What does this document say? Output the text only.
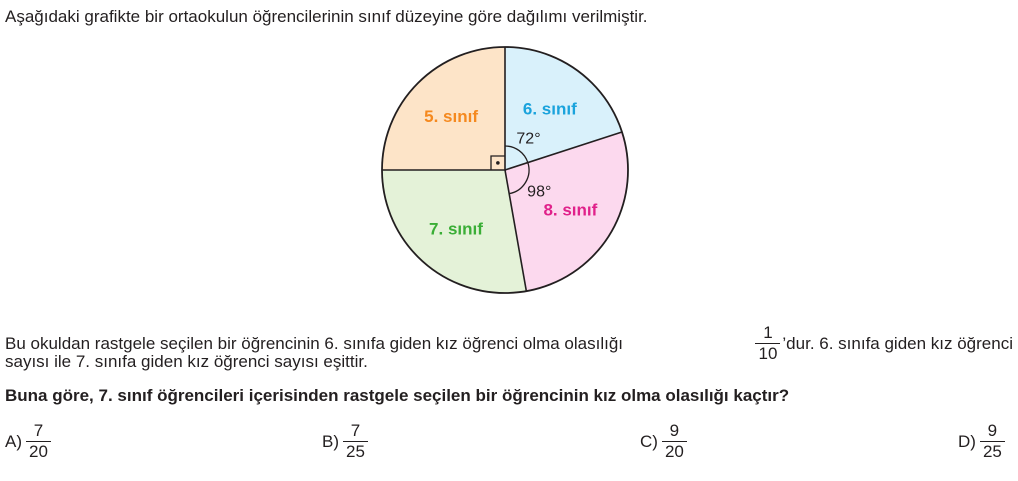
Aşağıdaki grafikte bir ortaokulun öğrencilerinin sınıf düzeyine göre dağılımı verilmiştir.
72°
6. sınıf
98°
8. sınıf
7. sınıf
5. sınıf
Bu okuldan rastgele seçilen bir öğrencinin 6. sınıfa giden kız öğrenci olma olasılığı	$\frac{1}{10}$ ’dur. 6. sınıfa giden kız öğrenci
sayısı ile 7. sınıfa giden kız öğrenci sayısı eşittir.
Buna göre, 7. sınıf öğrencileri içerisinden rastgele seçilen bir öğrencinin kız olma olasılığı kaçtır?
$A) \frac{7}{20}$	$B) \frac{7}{25}$	$C) \frac{9}{20}$	$D) \frac{9}{25}$
